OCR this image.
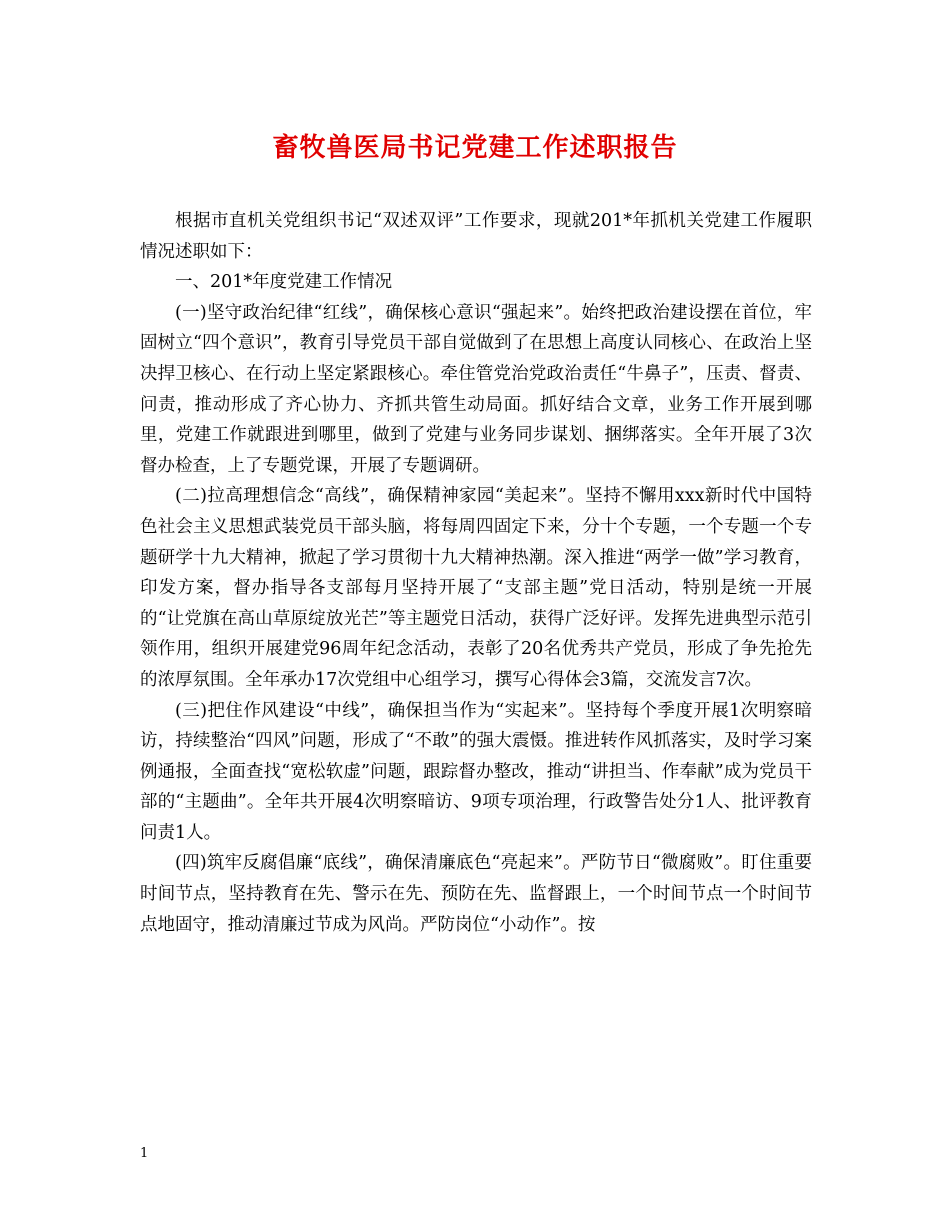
畜牧兽医局书记党建工作述职报告

根据市直机关党组织书记“双述双评”工作要求，现就201*年抓机关党建工作履职情况述职如下：

一、201*年度党建工作情况

(一)坚守政治纪律“红线”，确保核心意识“强起来”。始终把政治建设摆在首位，牢固树立“四个意识”，教育引导党员干部自觉做到了在思想上高度认同核心、在政治上坚决捍卫核心、在行动上坚定紧跟核心。牵住管党治党政治责任“牛鼻子”，压责、督责、问责，推动形成了齐心协力、齐抓共管生动局面。抓好结合文章，业务工作开展到哪里，党建工作就跟进到哪里，做到了党建与业务同步谋划、捆绑落实。全年开展了3次督办检查，上了专题党课，开展了专题调研。

(二)拉高理想信念“高线”，确保精神家园“美起来”。坚持不懈用xxx新时代中国特色社会主义思想武装党员干部头脑，将每周四固定下来，分十个专题，一个专题一个专题研学十九大精神，掀起了学习贯彻十九大精神热潮。深入推进“两学一做”学习教育，印发方案，督办指导各支部每月坚持开展了“支部主题”党日活动，特别是统一开展的“让党旗在高山草原绽放光芒”等主题党日活动，获得广泛好评。发挥先进典型示范引领作用，组织开展建党96周年纪念活动，表彰了20名优秀共产党员，形成了争先抢先的浓厚氛围。全年承办17次党组中心组学习，撰写心得体会3篇，交流发言7次。

(三)把住作风建设“中线”，确保担当作为“实起来”。坚持每个季度开展1次明察暗访，持续整治“四风”问题，形成了“不敢”的强大震慑。推进转作风抓落实，及时学习案例通报，全面查找“宽松软虚”问题，跟踪督办整改，推动“讲担当、作奉献”成为党员干部的“主题曲”。全年共开展4次明察暗访、9项专项治理，行政警告处分1人、批评教育问责1人。

(四)筑牢反腐倡廉“底线”，确保清廉底色“亮起来”。严防节日“微腐败”。盯住重要时间节点，坚持教育在先、警示在先、预防在先、监督跟上，一个时间节点一个时间节点地固守，推动清廉过节成为风尚。严防岗位“小动作”。按

1
